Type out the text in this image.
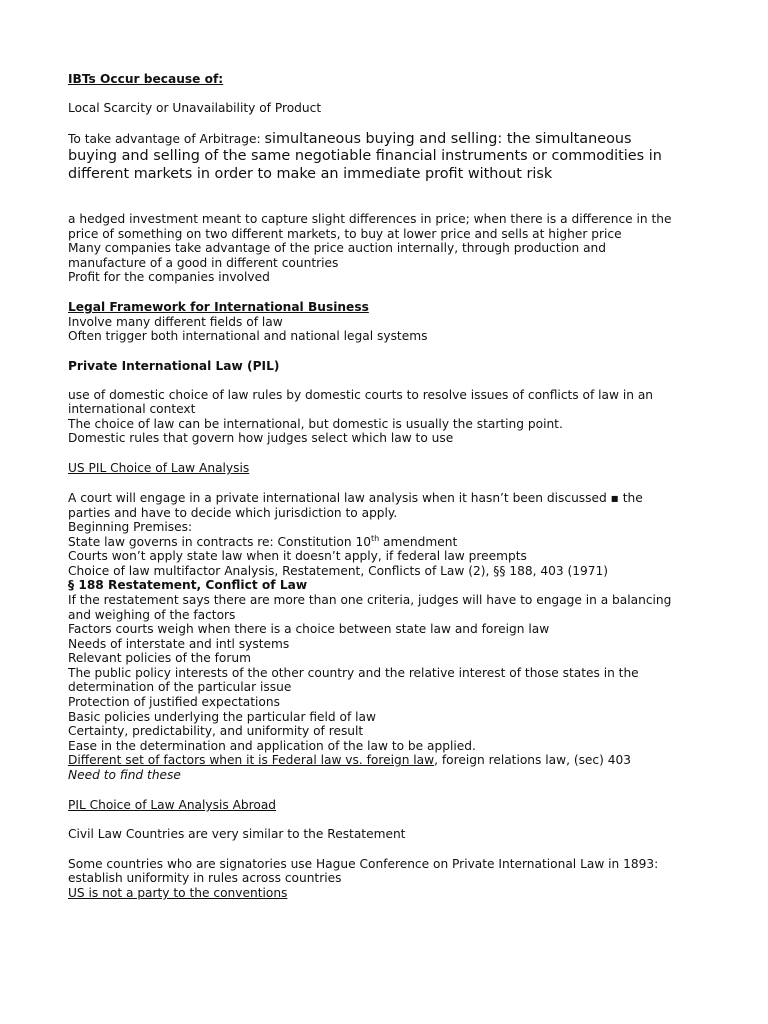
IBTs Occur because of:

Local Scarcity or Unavailability of Product

To take advantage of Arbitrage: simultaneous buying and selling: the simultaneous

buying and selling of the same negotiable financial instruments or commodities in

different markets in order to make an immediate profit without risk

a hedged investment meant to capture slight differences in price; when there is a difference in the

price of something on two different markets, to buy at lower price and sells at higher price

Many companies take advantage of the price auction internally, through production and

manufacture of a good in different countries

Profit for the companies involved

Legal Framework for International Business

Involve many different fields of law

Often trigger both international and national legal systems

Private International Law (PIL)

use of domestic choice of law rules by domestic courts to resolve issues of conflicts of law in an

international context

The choice of law can be international, but domestic is usually the starting point.

Domestic rules that govern how judges select which law to use

US PIL Choice of Law Analysis

A court will engage in a private international law analysis when it hasn’t been discussed ▪ the

parties and have to decide which jurisdiction to apply.

Beginning Premises:

State law governs in contracts re: Constitution 10th amendment

Courts won’t apply state law when it doesn’t apply, if federal law preempts

Choice of law multifactor Analysis, Restatement, Conflicts of Law (2), §§ 188, 403 (1971)

§ 188 Restatement, Conflict of Law

If the restatement says there are more than one criteria, judges will have to engage in a balancing

and weighing of the factors

Factors courts weigh when there is a choice between state law and foreign law

Needs of interstate and intl systems

Relevant policies of the forum

The public policy interests of the other country and the relative interest of those states in the

determination of the particular issue

Protection of justified expectations

Basic policies underlying the particular field of law

Certainty, predictability, and uniformity of result

Ease in the determination and application of the law to be applied.

Different set of factors when it is Federal law vs. foreign law, foreign relations law, (sec) 403

Need to find these

PIL Choice of Law Analysis Abroad

Civil Law Countries are very similar to the Restatement

Some countries who are signatories use Hague Conference on Private International Law in 1893:

establish uniformity in rules across countries

US is not a party to the conventions
